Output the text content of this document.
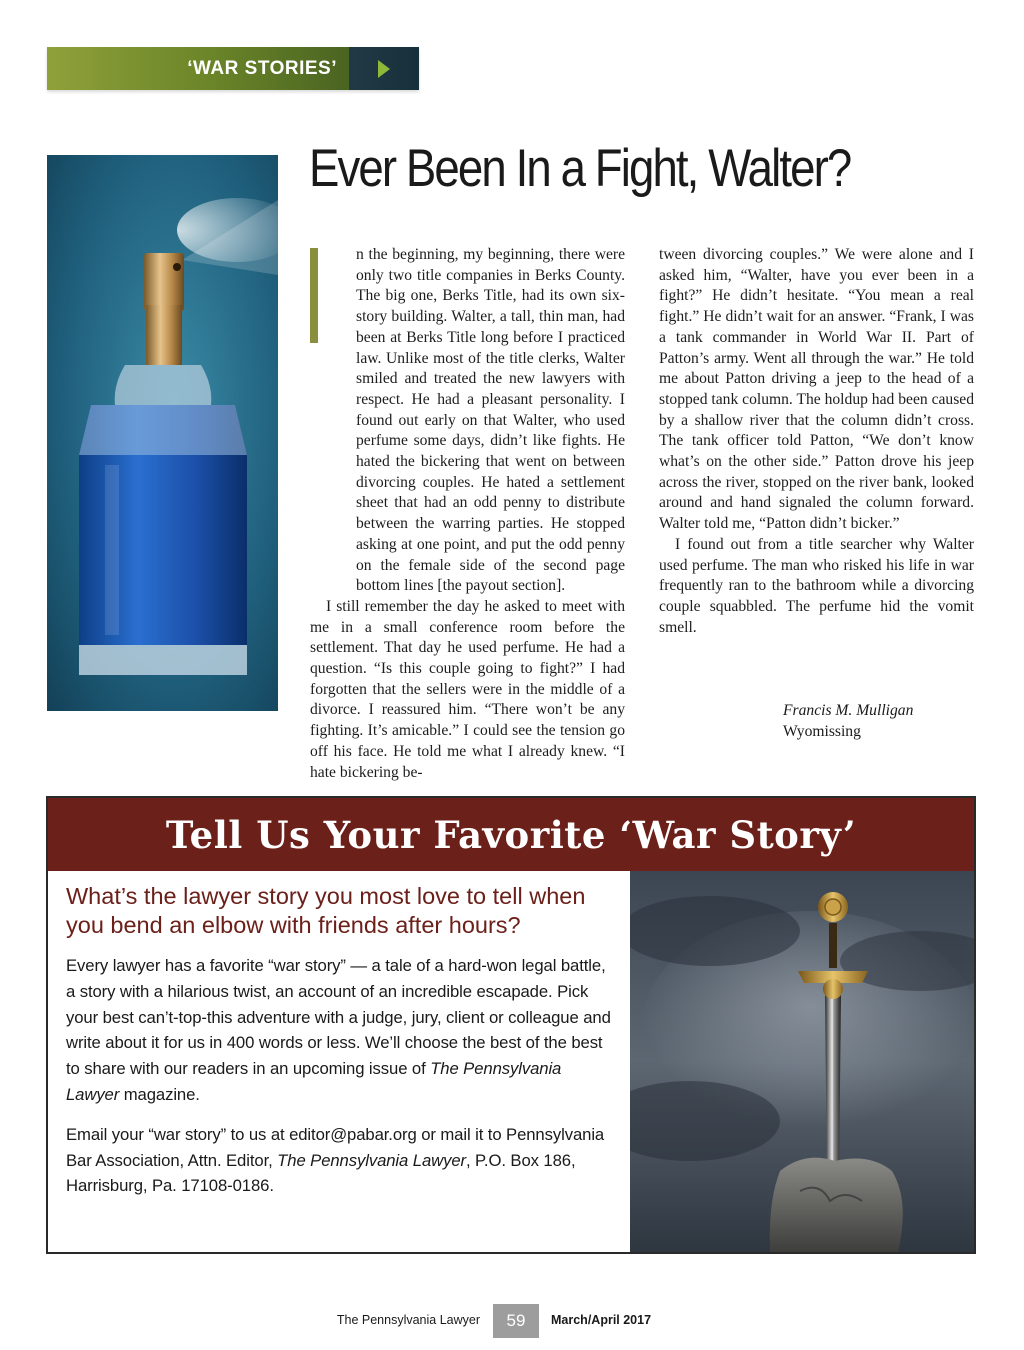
‘WAR STORIES’
Ever Been In a Fight, Walter?

n the beginning, my beginning, there were only two title companies in Berks County. The big one, Berks Title, had its own six-story building. Walter, a tall, thin man, had been at Berks Title long before I practiced law. Unlike most of the title clerks, Walter smiled and treated the new lawyers with respect. He had a pleasant personality. I found out early on that Walter, who used perfume some days, didn’t like fights. He hated the bickering that went on between divorcing couples. He hated a settlement sheet that had an odd penny to distribute between the warring parties. He stopped asking at one point, and put the odd penny on the female side of the second page bottom lines [the payout section].

I still remember the day he asked to meet with me in a small conference room before the settlement. That day he used perfume. He had a question. “Is this couple going to fight?” I had forgotten that the sellers were in the middle of a divorce. I reassured him. “There won’t be any fighting. It’s amicable.” I could see the tension go off his face. He told me what I already knew. “I hate bickering be-

tween divorcing couples.” We were alone and I asked him, “Walter, have you ever been in a fight?” He didn’t hesitate. “You mean a real fight.” He didn’t wait for an answer. “Frank, I was a tank commander in World War II. Part of Patton’s army. Went all through the war.” He told me about Patton driving a jeep to the head of a stopped tank column. The holdup had been caused by a shallow river that the column didn’t cross. The tank officer told Patton, “We don’t know what’s on the other side.” Patton drove his jeep across the river, stopped on the river bank, looked around and hand signaled the column forward. Walter told me, “Patton didn’t bicker.”

I found out from a title searcher why Walter used perfume. The man who risked his life in war frequently ran to the bathroom while a divorcing couple squabbled. The perfume hid the vomit smell.

Francis M. Mulligan
Wyomissing
Tell Us Your Favorite ‘War Story’

What’s the lawyer story you most love to tell when you bend an elbow with friends after hours?

Every lawyer has a favorite “war story” — a tale of a hard-won legal battle, a story with a hilarious twist, an account of an incredible escapade. Pick your best can’t-top-this adventure with a judge, jury, client or colleague and write about it for us in 400 words or less. We’ll choose the best of the best to share with our readers in an upcoming issue of The Pennsylvania Lawyer magazine.

Email your “war story” to us at editor@pabar.org or mail it to Pennsylvania Bar Association, Attn. Editor, The Pennsylvania Lawyer, P.O. Box 186, Harrisburg, Pa. 17108-0186.

The Pennsylvania Lawyer	59	March/April 2017
